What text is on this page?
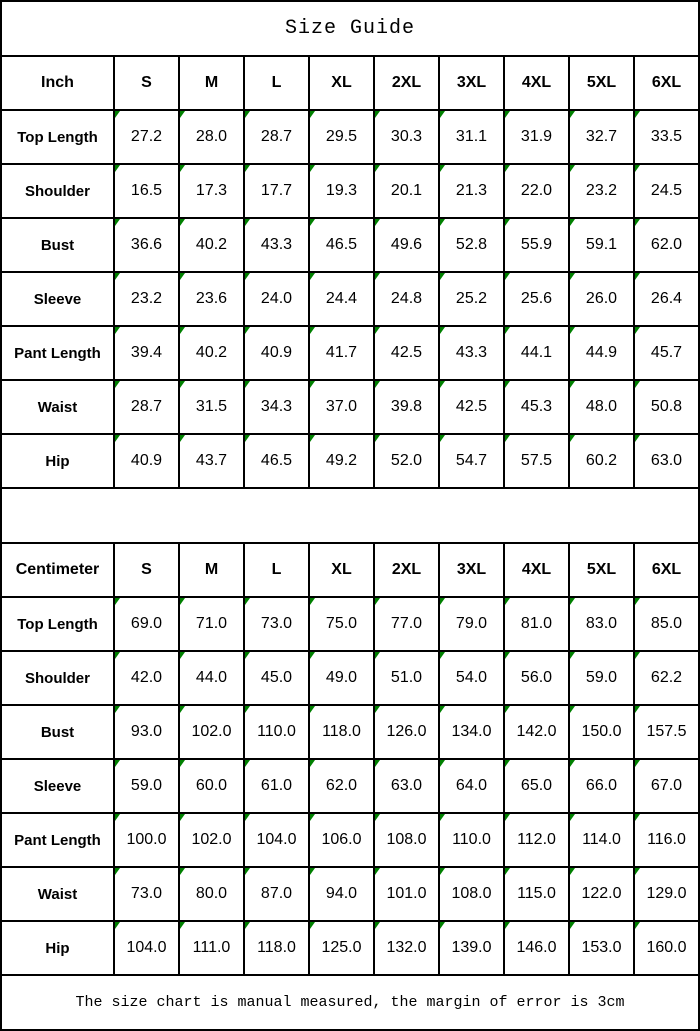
Size Guide									
Inch	S	M	L	XL	2XL	3XL	4XL	5XL	6XL
Top Length	27.2	28.0	28.7	29.5	30.3	31.1	31.9	32.7	33.5
Shoulder	16.5	17.3	17.7	19.3	20.1	21.3	22.0	23.2	24.5
Bust	36.6	40.2	43.3	46.5	49.6	52.8	55.9	59.1	62.0
Sleeve	23.2	23.6	24.0	24.4	24.8	25.2	25.6	26.0	26.4
Pant Length	39.4	40.2	40.9	41.7	42.5	43.3	44.1	44.9	45.7
Waist	28.7	31.5	34.3	37.0	39.8	42.5	45.3	48.0	50.8
Hip	40.9	43.7	46.5	49.2	52.0	54.7	57.5	60.2	63.0

Centimeter	S	M	L	XL	2XL	3XL	4XL	5XL	6XL
Top Length	69.0	71.0	73.0	75.0	77.0	79.0	81.0	83.0	85.0
Shoulder	42.0	44.0	45.0	49.0	51.0	54.0	56.0	59.0	62.2
Bust	93.0	102.0	110.0	118.0	126.0	134.0	142.0	150.0	157.5
Sleeve	59.0	60.0	61.0	62.0	63.0	64.0	65.0	66.0	67.0
Pant Length	100.0	102.0	104.0	106.0	108.0	110.0	112.0	114.0	116.0
Waist	73.0	80.0	87.0	94.0	101.0	108.0	115.0	122.0	129.0
Hip	104.0	111.0	118.0	125.0	132.0	139.0	146.0	153.0	160.0
The size chart is manual measured, the margin of error is 3cm									
